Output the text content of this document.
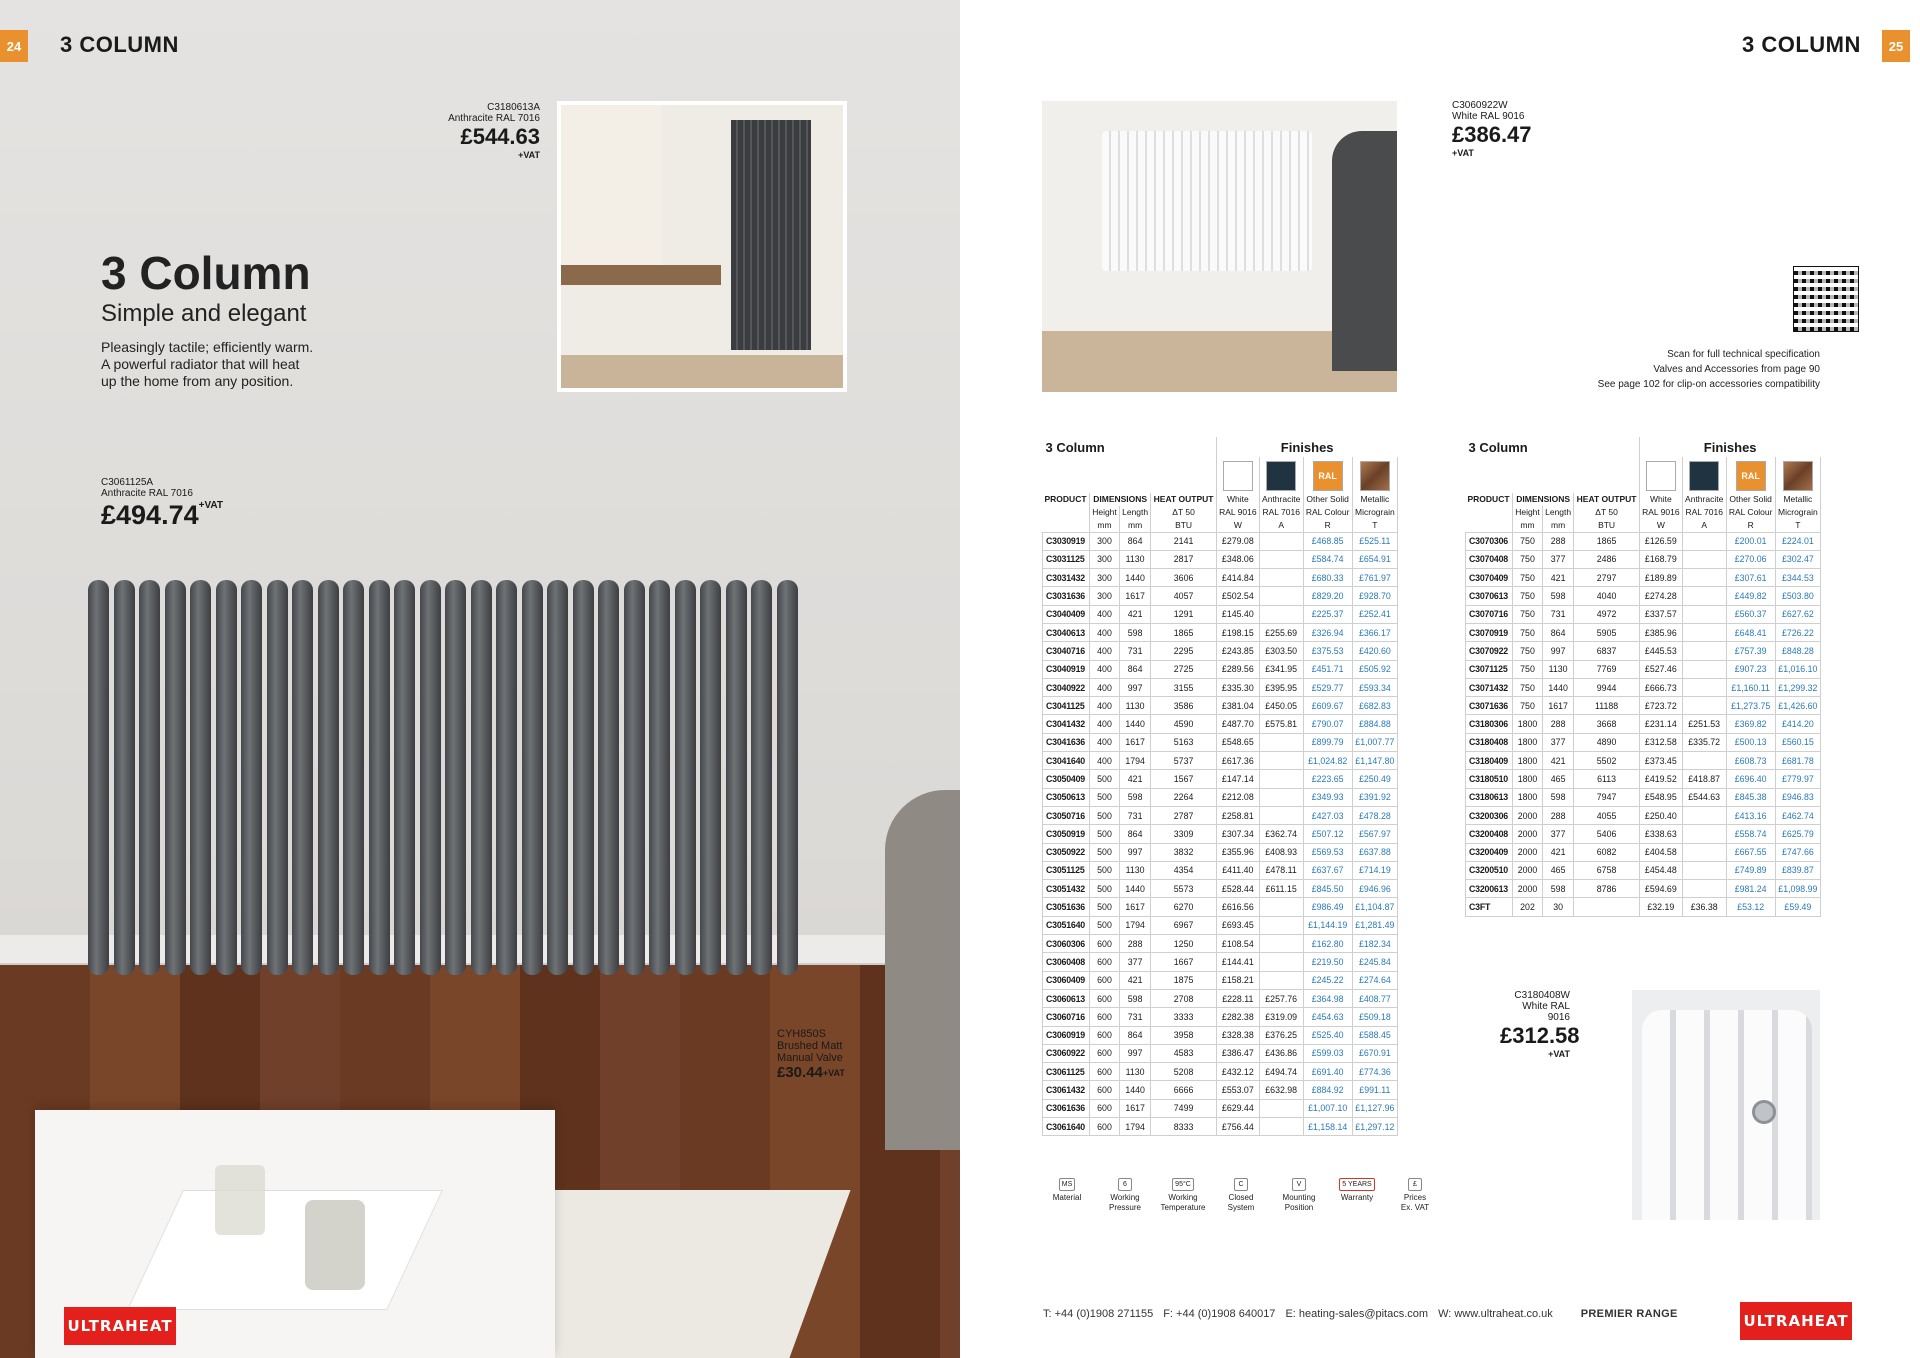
24	3 COLUMN
C3180613A
Anthracite RAL 7016
£544.63
+VAT
3 Column
Simple and elegant
Pleasingly tactile; efficiently warm.
A powerful radiator that will heat
up the home from any position.
C3061125A
Anthracite RAL 7016
£494.74 +VAT
CYH850S
Brushed Matt
Manual Valve
£30.44 +VAT
ULTRAHEAT
25
3 COLUMN
C3060922W
White RAL 9016
£386.47
+VAT
Scan for full technical specification
Valves and Accessories from page 90
See page 102 for clip-on accessories compatibility
3 Column				Finishes			
						RAL	
PRODUCT	DIMENSIONS		HEAT OUTPUT	White	Anthracite	Other Solid	Metallic
	Height	Length	ΔT 50	RAL 9016	RAL 7016	RAL Colour	Micrograin
	mm	mm	BTU	W	A	R	T
C3030919	300	864	2141	£279.08		£468.85	£525.11
C3031125	300	1130	2817	£348.06		£584.74	£654.91
C3031432	300	1440	3606	£414.84		£680.33	£761.97
C3031636	300	1617	4057	£502.54		£829.20	£928.70
C3040409	400	421	1291	£145.40		£225.37	£252.41
C3040613	400	598	1865	£198.15	£255.69	£326.94	£366.17
C3040716	400	731	2295	£243.85	£303.50	£375.53	£420.60
C3040919	400	864	2725	£289.56	£341.95	£451.71	£505.92
C3040922	400	997	3155	£335.30	£395.95	£529.77	£593.34
C3041125	400	1130	3586	£381.04	£450.05	£609.67	£682.83
C3041432	400	1440	4590	£487.70	£575.81	£790.07	£884.88
C3041636	400	1617	5163	£548.65		£899.79	£1,007.77
C3041640	400	1794	5737	£617.36		£1,024.82	£1,147.80
C3050409	500	421	1567	£147.14		£223.65	£250.49
C3050613	500	598	2264	£212.08		£349.93	£391.92
C3050716	500	731	2787	£258.81		£427.03	£478.28
C3050919	500	864	3309	£307.34	£362.74	£507.12	£567.97
C3050922	500	997	3832	£355.96	£408.93	£569.53	£637.88
C3051125	500	1130	4354	£411.40	£478.11	£637.67	£714.19
C3051432	500	1440	5573	£528.44	£611.15	£845.50	£946.96
C3051636	500	1617	6270	£616.56		£986.49	£1,104.87
C3051640	500	1794	6967	£693.45		£1,144.19	£1,281.49
C3060306	600	288	1250	£108.54		£162.80	£182.34
C3060408	600	377	1667	£144.41		£219.50	£245.84
C3060409	600	421	1875	£158.21		£245.22	£274.64
C3060613	600	598	2708	£228.11	£257.76	£364.98	£408.77
C3060716	600	731	3333	£282.38	£319.09	£454.63	£509.18
C3060919	600	864	3958	£328.38	£376.25	£525.40	£588.45
C3060922	600	997	4583	£386.47	£436.86	£599.03	£670.91
C3061125	600	1130	5208	£432.12	£494.74	£691.40	£774.36
C3061432	600	1440	6666	£553.07	£632.98	£884.92	£991.11
C3061636	600	1617	7499	£629.44		£1,007.10	£1,127.96
C3061640	600	1794	8333	£756.44		£1,158.14	£1,297.12
3 Column				Finishes			
						RAL	
PRODUCT	DIMENSIONS		HEAT OUTPUT	White	Anthracite	Other Solid	Metallic
	Height	Length	ΔT 50	RAL 9016	RAL 7016	RAL Colour	Micrograin
	mm	mm	BTU	W	A	R	T
C3070306	750	288	1865	£126.59		£200.01	£224.01
C3070408	750	377	2486	£168.79		£270.06	£302.47
C3070409	750	421	2797	£189.89		£307.61	£344.53
C3070613	750	598	4040	£274.28		£449.82	£503.80
C3070716	750	731	4972	£337.57		£560.37	£627.62
C3070919	750	864	5905	£385.96		£648.41	£726.22
C3070922	750	997	6837	£445.53		£757.39	£848.28
C3071125	750	1130	7769	£527.46		£907.23	£1,016.10
C3071432	750	1440	9944	£666.73		£1,160.11	£1,299.32
C3071636	750	1617	11188	£723.72		£1,273.75	£1,426.60
C3180306	1800	288	3668	£231.14	£251.53	£369.82	£414.20
C3180408	1800	377	4890	£312.58	£335.72	£500.13	£560.15
C3180409	1800	421	5502	£373.45		£608.73	£681.78
C3180510	1800	465	6113	£419.52	£418.87	£696.40	£779.97
C3180613	1800	598	7947	£548.95	£544.63	£845.38	£946.83
C3200306	2000	288	4055	£250.40		£413.16	£462.74
C3200408	2000	377	5406	£338.63		£558.74	£625.79
C3200409	2000	421	6082	£404.58		£667.55	£747.66
C3200510	2000	465	6758	£454.48		£749.89	£839.87
C3200613	2000	598	8786	£594.69		£981.24	£1,098.99
C3FT	202	30		£32.19	£36.38	£53.12	£59.49
MS
Material
6
Working
Pressure
95°C
Working
Temperature
C
Closed
System
V
Mounting
Position
5 YEARS
Warranty
£
Prices
Ex. VAT
C3180408W
White RAL 9016
£312.58
+VAT
T: +44 (0)1908 271155 F: +44 (0)1908 640017 E: heating-sales@pitacs.com W: www.ultraheat.co.uk	PREMIER RANGE	ULTRAHEAT
